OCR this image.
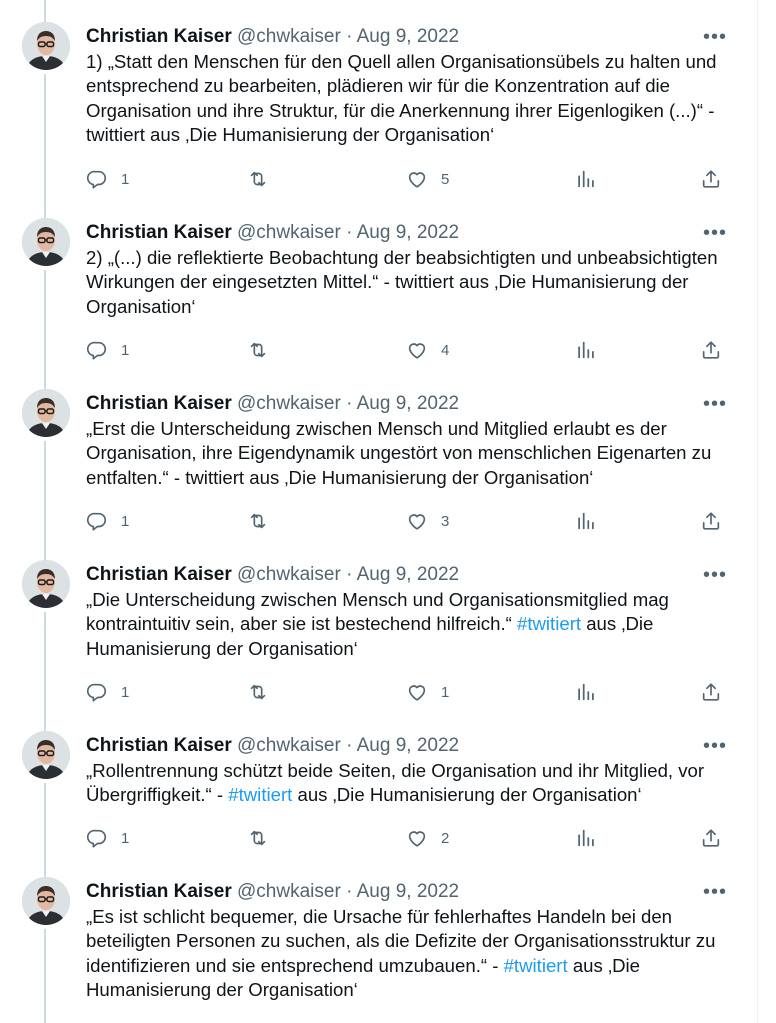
Christian Kaiser @chwkaiser · Aug 9, 2022	•••
1) „Statt den Menschen für den Quell allen Organisationsübels zu halten und entsprechend zu bearbeiten, plädieren wir für die Konzentration auf die Organisation und ihre Struktur, für die Anerkennung ihrer Eigenlogiken (...)“ - twittiert aus ‚Die Humanisierung der Organisation‘
1	5
Christian Kaiser @chwkaiser · Aug 9, 2022	•••
2) „(...) die reflektierte Beobachtung der beabsichtigten und unbeabsichtigten Wirkungen der eingesetzten Mittel.“ - twittiert aus ‚Die Humanisierung der Organisation‘
1	4
Christian Kaiser @chwkaiser · Aug 9, 2022	•••
„Erst die Unterscheidung zwischen Mensch und Mitglied erlaubt es der Organisation, ihre Eigendynamik ungestört von menschlichen Eigenarten zu entfalten.“ - twittiert aus ‚Die Humanisierung der Organisation‘
1	3
Christian Kaiser @chwkaiser · Aug 9, 2022	•••
„Die Unterscheidung zwischen Mensch und Organisationsmitglied mag kontraintuitiv sein, aber sie ist bestechend hilfreich.“ #twitiert aus ‚Die Humanisierung der Organisation‘
1	1
Christian Kaiser @chwkaiser · Aug 9, 2022	•••
„Rollentrennung schützt beide Seiten, die Organisation und ihr Mitglied, vor Übergriffigkeit.“ - #twitiert aus ‚Die Humanisierung der Organisation‘
1	2
Christian Kaiser @chwkaiser · Aug 9, 2022	•••
„Es ist schlicht bequemer, die Ursache für fehlerhaftes Handeln bei den beteiligten Personen zu suchen, als die Defizite der Organisationsstruktur zu identifizieren und sie entsprechend umzubauen.“ - #twitiert aus ‚Die Humanisierung der Organisation‘
